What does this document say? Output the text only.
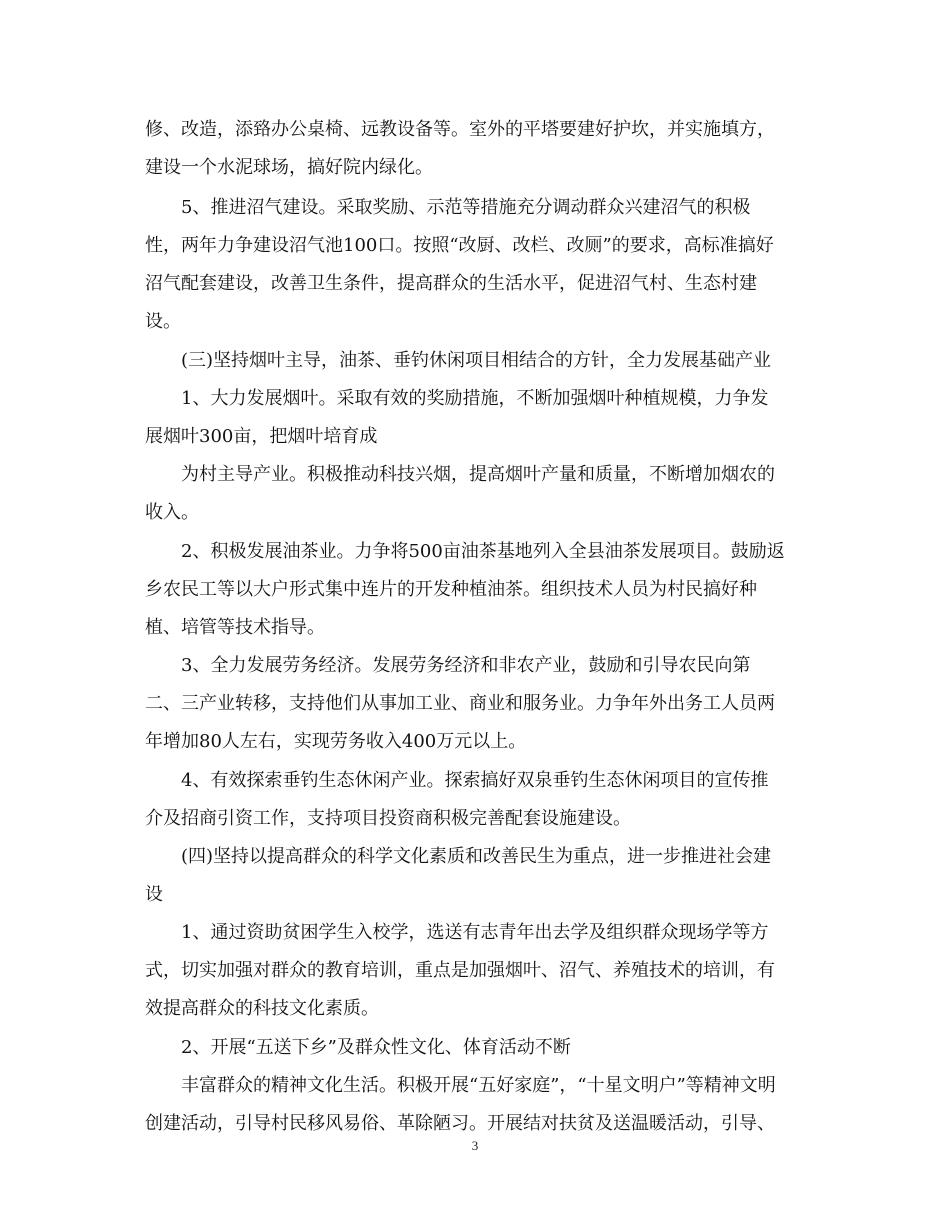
修、改造，添臵办公桌椅、远教设备等。室外的平塔要建好护坎，并实施填方，

建设一个水泥球场，搞好院内绿化。

　　5、推进沼气建设。采取奖励、示范等措施充分调动群众兴建沼气的积极

性，两年力争建设沼气池100口。按照“改厨、改栏、改厕”的要求，高标准搞好

沼气配套建设，改善卫生条件，提高群众的生活水平，促进沼气村、生态村建

设。

　　(三)坚持烟叶主导，油茶、垂钓休闲项目相结合的方针，全力发展基础产业

　　1、大力发展烟叶。采取有效的奖励措施，不断加强烟叶种植规模，力争发

展烟叶300亩，把烟叶培育成

　　为村主导产业。积极推动科技兴烟，提高烟叶产量和质量，不断增加烟农的

收入。

　　2、积极发展油茶业。力争将500亩油茶基地列入全县油茶发展项目。鼓励返

乡农民工等以大户形式集中连片的开发种植油茶。组织技术人员为村民搞好种

植、培管等技术指导。

　　3、全力发展劳务经济。发展劳务经济和非农产业，鼓励和引导农民向第

二、三产业转移，支持他们从事加工业、商业和服务业。力争年外出务工人员两

年增加80人左右，实现劳务收入400万元以上。

　　4、有效探索垂钓生态休闲产业。探索搞好双泉垂钓生态休闲项目的宣传推

介及招商引资工作，支持项目投资商积极完善配套设施建设。

　　(四)坚持以提高群众的科学文化素质和改善民生为重点，进一步推进社会建

设

　　1、通过资助贫困学生入校学，选送有志青年出去学及组织群众现场学等方

式，切实加强对群众的教育培训，重点是加强烟叶、沼气、养殖技术的培训，有

效提高群众的科技文化素质。

　　2、开展“五送下乡”及群众性文化、体育活动不断

　　丰富群众的精神文化生活。积极开展“五好家庭”，“十星文明户”等精神文明

创建活动，引导村民移风易俗、革除陋习。开展结对扶贫及送温暖活动，引导、

3
